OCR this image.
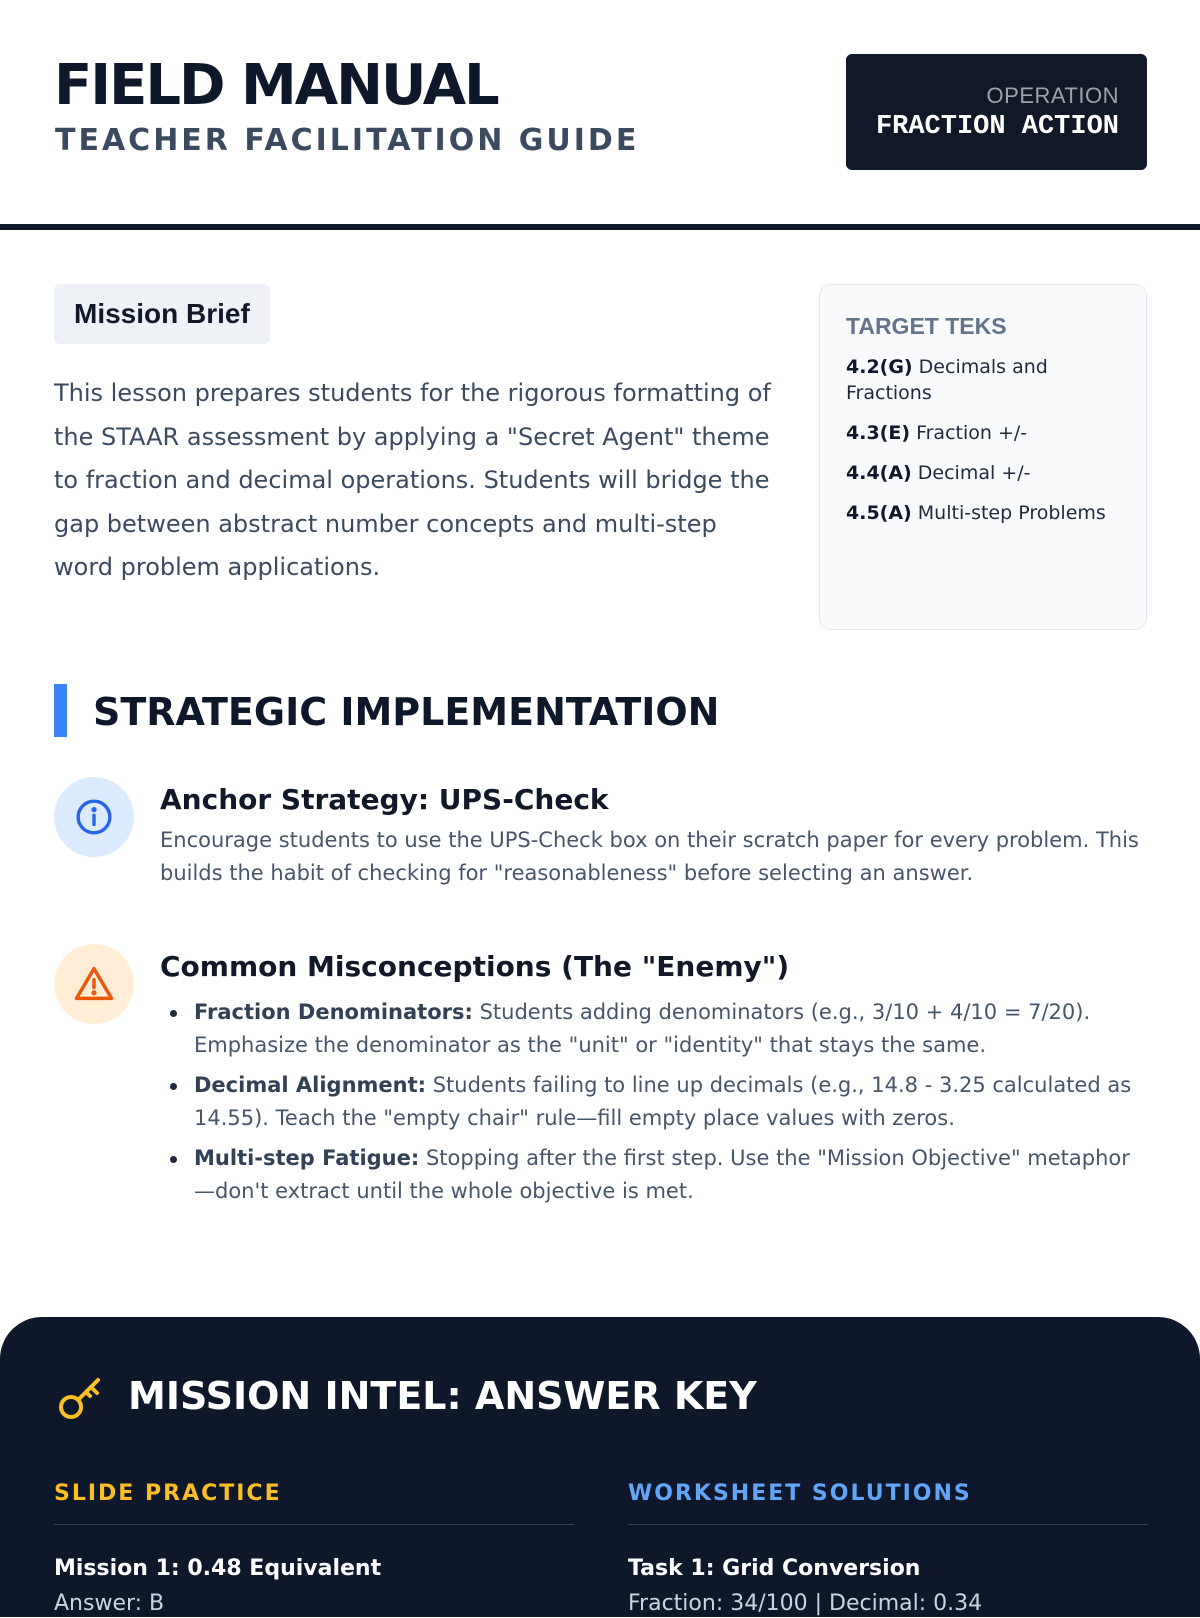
FIELD MANUAL
TEACHER FACILITATION GUIDE
OPERATION
FRACTION ACTION
Mission Brief

This lesson prepares students for the rigorous formatting of the STAAR assessment by applying a "Secret Agent" theme to fraction and decimal operations. Students will bridge the gap between abstract number concepts and multi-step word problem applications.

TARGET TEKS
4.2(G) Decimals and Fractions
4.3(E) Fraction +/-
4.4(A) Decimal +/-
4.5(A) Multi-step Problems
STRATEGIC IMPLEMENTATION
Anchor Strategy: UPS-Check

Encourage students to use the UPS-Check box on their scratch paper for every problem. This builds the habit of checking for "reasonableness" before selecting an answer.

Common Misconceptions (The "Enemy")
Fraction Denominators: Students adding denominators (e.g., 3/10 + 4/10 = 7/20). Emphasize the denominator as the "unit" or "identity" that stays the same.
Decimal Alignment: Students failing to line up decimals (e.g., 14.8 - 3.25 calculated as 14.55). Teach the "empty chair" rule—fill empty place values with zeros.
Multi-step Fatigue: Stopping after the first step. Use the "Mission Objective" metaphor—don't extract until the whole objective is met.
MISSION INTEL: ANSWER KEY
SLIDE PRACTICE
Mission 1: 0.48 Equivalent
Answer: B
WORKSHEET SOLUTIONS
Task 1: Grid Conversion
Fraction: 34/100 | Decimal: 0.34
